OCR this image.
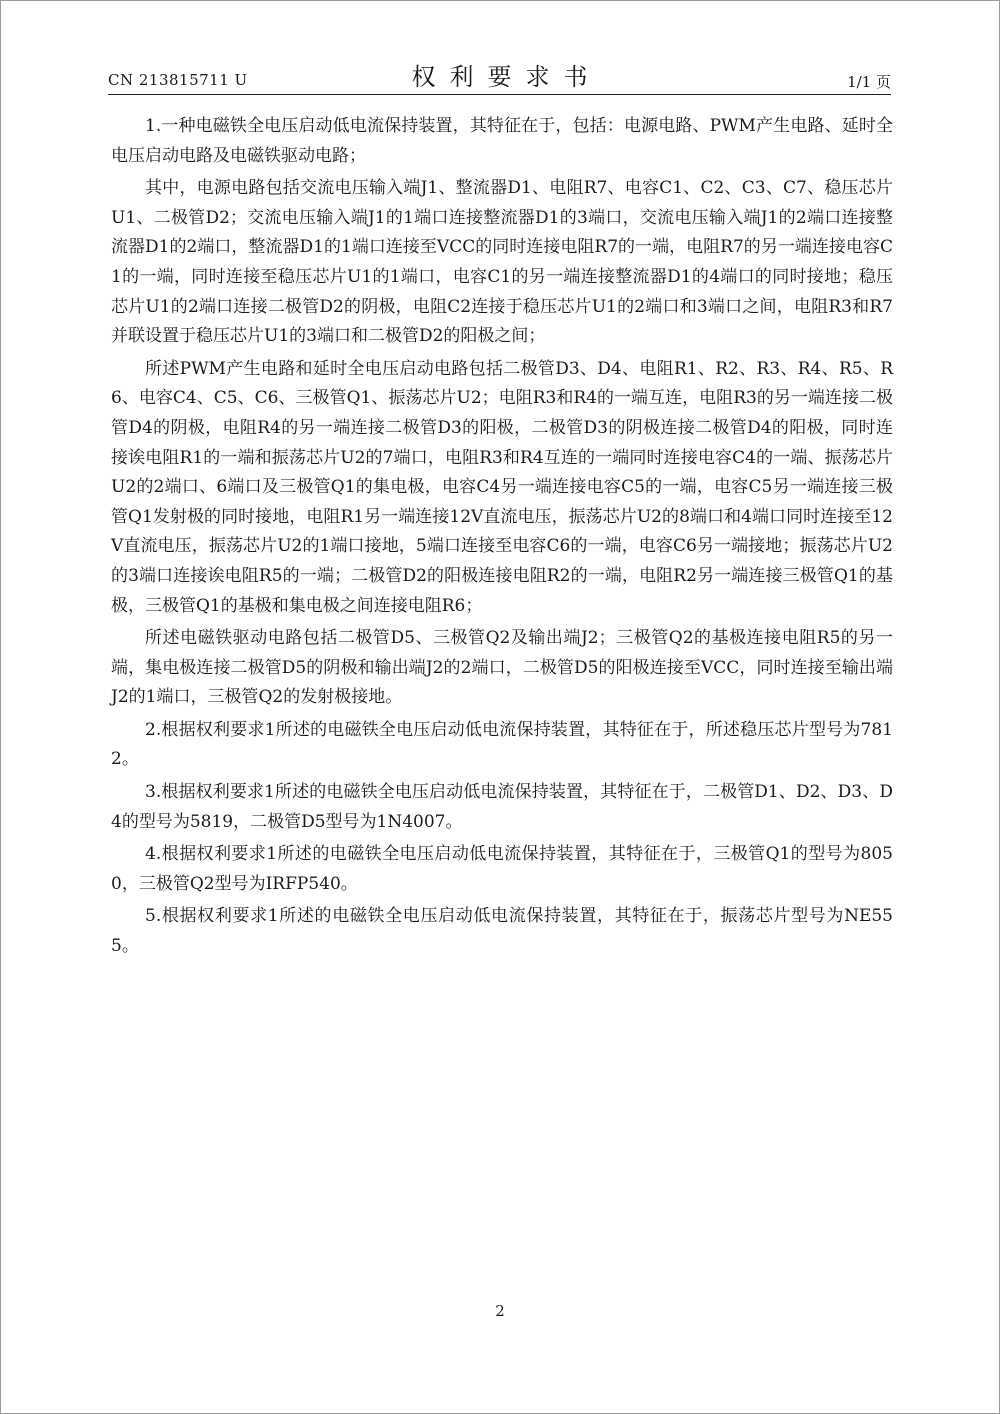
CN 213815711 U	权利要求书	1/1 页

1.一种电磁铁全电压启动低电流保持装置，其特征在于，包括：电源电路、PWM产生电路、延时全电压启动电路及电磁铁驱动电路；

其中，电源电路包括交流电压输入端J1、整流器D1、电阻R7、电容C1、C2、C3、C7、稳压芯片U1、二极管D2；交流电压输入端J1的1端口连接整流器D1的3端口，交流电压输入端J1的2端口连接整流器D1的2端口，整流器D1的1端口连接至VCC的同时连接电阻R7的一端，电阻R7的另一端连接电容C1的一端，同时连接至稳压芯片U1的1端口，电容C1的另一端连接整流器D1的4端口的同时接地；稳压芯片U1的2端口连接二极管D2的阴极，电阻C2连接于稳压芯片U1的2端口和3端口之间，电阻R3和R7并联设置于稳压芯片U1的3端口和二极管D2的阳极之间；

所述PWM产生电路和延时全电压启动电路包括二极管D3、D4、电阻R1、R2、R3、R4、R5、R6、电容C4、C5、C6、三极管Q1、振荡芯片U2；电阻R3和R4的一端互连，电阻R3的另一端连接二极管D4的阴极，电阻R4的另一端连接二极管D3的阳极，二极管D3的阴极连接二极管D4的阳极，同时连接诶电阻R1的一端和振荡芯片U2的7端口，电阻R3和R4互连的一端同时连接电容C4的一端、振荡芯片U2的2端口、6端口及三极管Q1的集电极，电容C4另一端连接电容C5的一端，电容C5另一端连接三极管Q1发射极的同时接地，电阻R1另一端连接12V直流电压，振荡芯片U2的8端口和4端口同时连接至12V直流电压，振荡芯片U2的1端口接地，5端口连接至电容C6的一端，电容C6另一端接地；振荡芯片U2的3端口连接诶电阻R5的一端；二极管D2的阳极连接电阻R2的一端，电阻R2另一端连接三极管Q1的基极，三极管Q1的基极和集电极之间连接电阻R6；

所述电磁铁驱动电路包括二极管D5、三极管Q2及输出端J2；三极管Q2的基极连接电阻R5的另一端，集电极连接二极管D5的阴极和输出端J2的2端口，二极管D5的阳极连接至VCC，同时连接至输出端J2的1端口，三极管Q2的发射极接地。

2.根据权利要求1所述的电磁铁全电压启动低电流保持装置，其特征在于，所述稳压芯片型号为7812。

3.根据权利要求1所述的电磁铁全电压启动低电流保持装置，其特征在于，二极管D1、D2、D3、D4的型号为5819，二极管D5型号为1N4007。

4.根据权利要求1所述的电磁铁全电压启动低电流保持装置，其特征在于，三极管Q1的型号为8050，三极管Q2型号为IRFP540。

5.根据权利要求1所述的电磁铁全电压启动低电流保持装置，其特征在于，振荡芯片型号为NE555。

2
